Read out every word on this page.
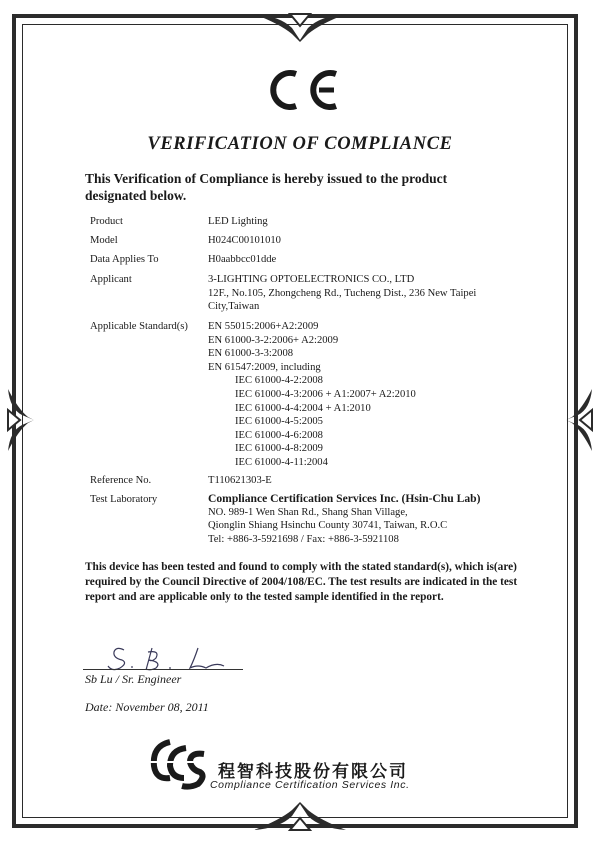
VERIFICATION OF COMPLIANCE
This Verification of Compliance is hereby issued to the product designated below.
Product	LED Lighting
Model	H024C00101010
Data Applies To	H0aabbcc01dde
Applicant	3-LIGHTING OPTOELECTRONICS CO., LTD
12F., No.105, Zhongcheng Rd., Tucheng Dist., 236 New Taipei
City,Taiwan
Applicable Standard(s)	EN 55015:2006+A2:2009
EN 61000-3-2:2006+ A2:2009
EN 61000-3-3:2008
EN 61547:2009, including
IEC 61000-4-2:2008
IEC 61000-4-3:2006 + A1:2007+ A2:2010
IEC 61000-4-4:2004 + A1:2010
IEC 61000-4-5:2005
IEC 61000-4-6:2008
IEC 61000-4-8:2009
IEC 61000-4-11:2004
Reference No.	T110621303-E
Test Laboratory	Compliance Certification Services Inc. (Hsin-Chu Lab)
NO. 989-1 Wen Shan Rd., Shang Shan Village,
Qionglin Shiang Hsinchu County 30741, Taiwan, R.O.C
Tel: +886-3-5921698 / Fax: +886-3-5921108
This device has been tested and found to comply with the stated standard(s), which is(are) required by the Council Directive of 2004/108/EC. The test results are indicated in the test report and are applicable only to the tested sample identified in the report.
Sb Lu / Sr. Engineer
Date: November 08, 2011
程智科技股份有限公司
Compliance Certification Services Inc.
